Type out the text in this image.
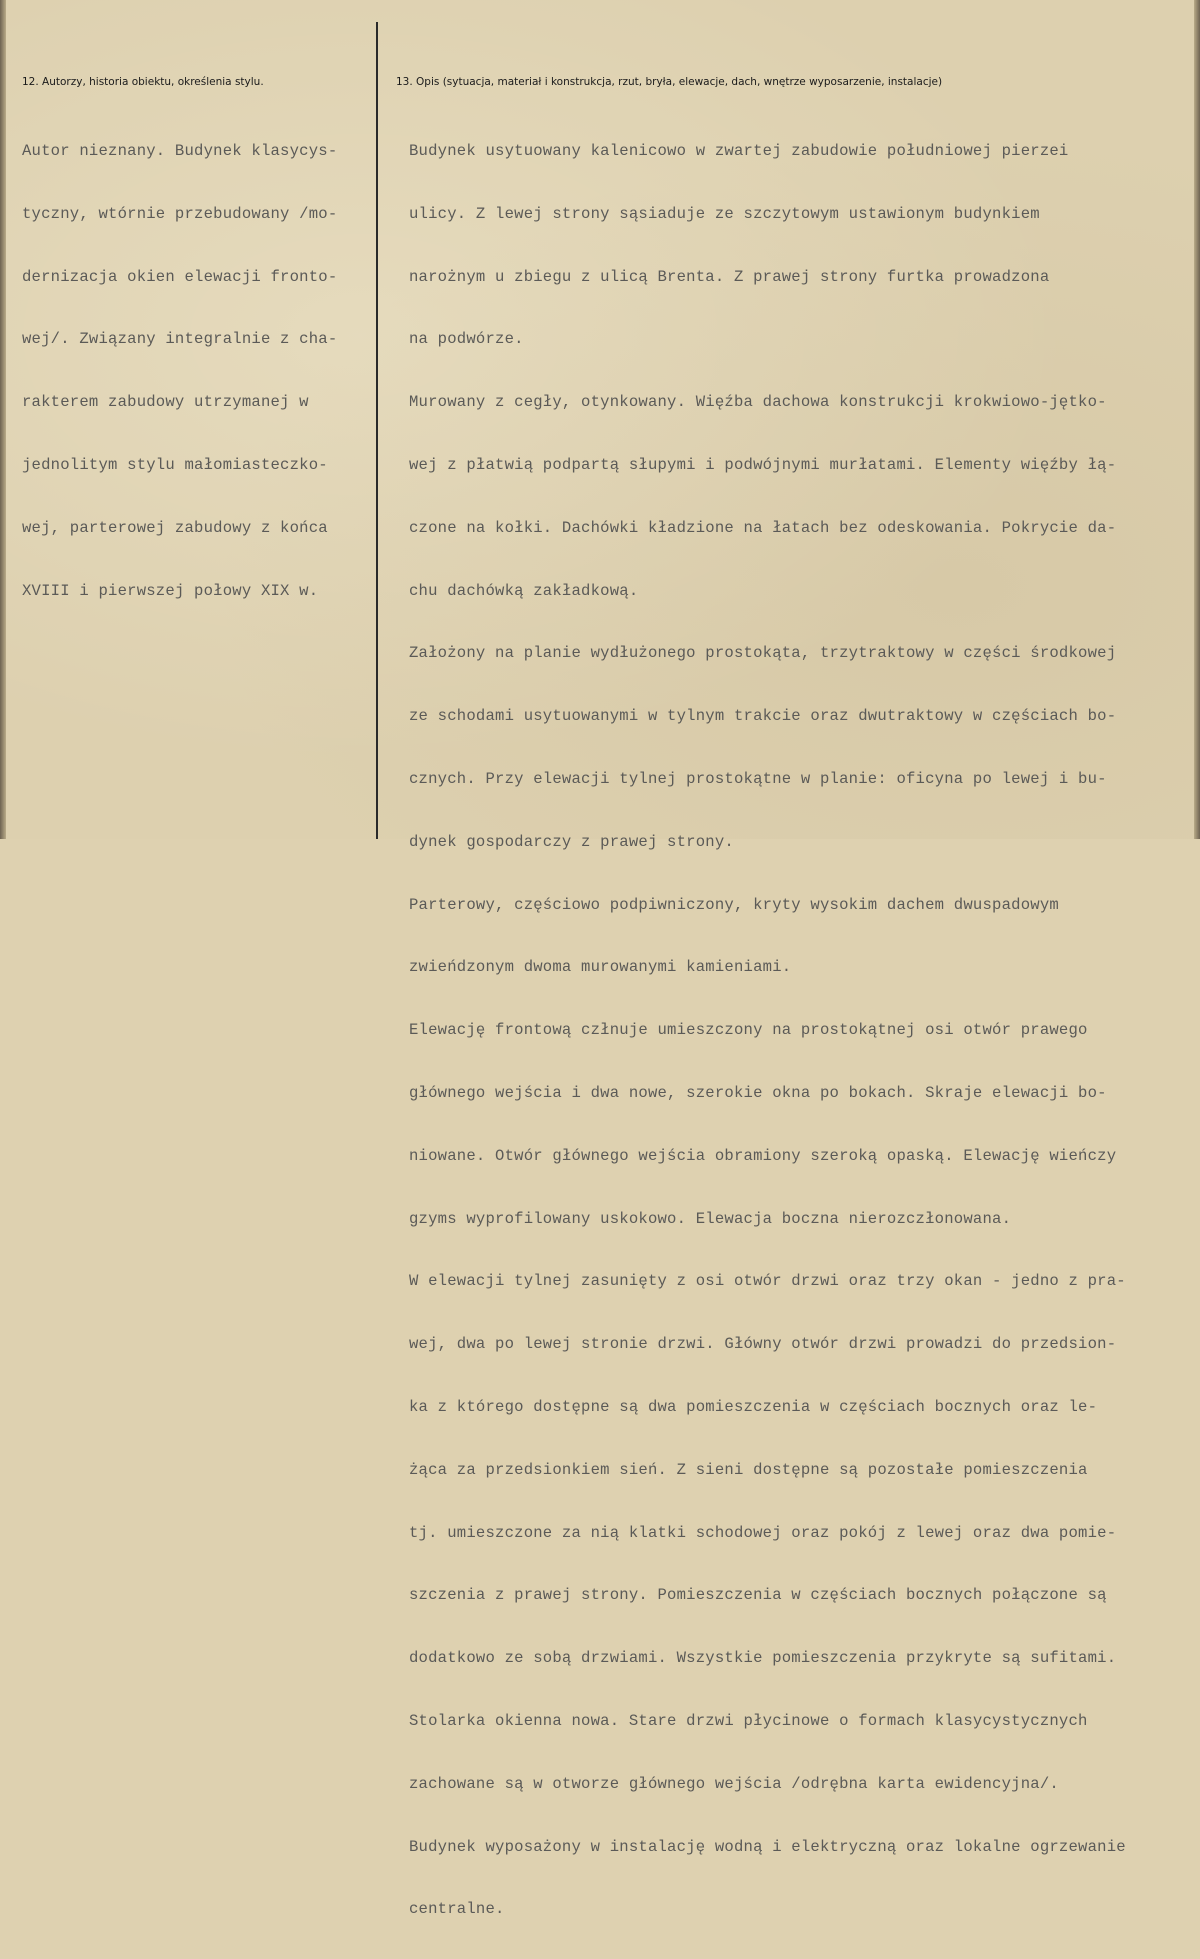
12. Autorzy, historia obiektu, określenia stylu.	13. Opis (sytuacja, materiał i konstrukcja, rzut, bryła, elewacje, dach, wnętrze wyposarzenie, instalacje)

Autor nieznany. Budynek klasycys-

tyczny, wtórnie przebudowany /mo-

dernizacja okien elewacji fronto-

wej/. Związany integralnie z cha-

rakterem zabudowy utrzymanej w

jednolitym stylu małomiasteczko-

wej, parterowej zabudowy z końca

XVIII i pierwszej połowy XIX w.

Budynek usytuowany kalenicowo w zwartej zabudowie południowej pierzei

ulicy. Z lewej strony sąsiaduje ze szczytowym ustawionym budynkiem

narożnym u zbiegu z ulicą Brenta. Z prawej strony furtka prowadzona

na podwórze.

Murowany z cegły, otynkowany. Więźba dachowa konstrukcji krokwiowo-jętko-

wej z płatwią podpartą słupymi i podwójnymi murłatami. Elementy więźby łą-

czone na kołki. Dachówki kładzione na łatach bez odeskowania. Pokrycie da-

chu dachówką zakładkową.

Założony na planie wydłużonego prostokąta, trzytraktowy w części środkowej

ze schodami usytuowanymi w tylnym trakcie oraz dwutraktowy w częściach bo-

cznych. Przy elewacji tylnej prostokątne w planie: oficyna po lewej i bu-

dynek gospodarczy z prawej strony.

Parterowy, częściowo podpiwniczony, kryty wysokim dachem dwuspadowym

zwieńdzonym dwoma murowanymi kamieniami.

Elewację frontową człnuje umieszczony na prostokątnej osi otwór prawego

głównego wejścia i dwa nowe, szerokie okna po bokach. Skraje elewacji bo-

niowane. Otwór głównego wejścia obramiony szeroką opaską. Elewację wieńczy

gzyms wyprofilowany uskokowo. Elewacja boczna nierozczłonowana.

W elewacji tylnej zasunięty z osi otwór drzwi oraz trzy okan - jedno z pra-

wej, dwa po lewej stronie drzwi. Główny otwór drzwi prowadzi do przedsion-

ka z którego dostępne są dwa pomieszczenia w częściach bocznych oraz le-

żąca za przedsionkiem sień. Z sieni dostępne są pozostałe pomieszczenia

tj. umieszczone za nią klatki schodowej oraz pokój z lewej oraz dwa pomie-

szczenia z prawej strony. Pomieszczenia w częściach bocznych połączone są

dodatkowo ze sobą drzwiami. Wszystkie pomieszczenia przykryte są sufitami.

Stolarka okienna nowa. Stare drzwi płycinowe o formach klasycystycznych

zachowane są w otworze głównego wejścia /odrębna karta ewidencyjna/.

Budynek wyposażony w instalację wodną i elektryczną oraz lokalne ogrzewanie

centralne.
